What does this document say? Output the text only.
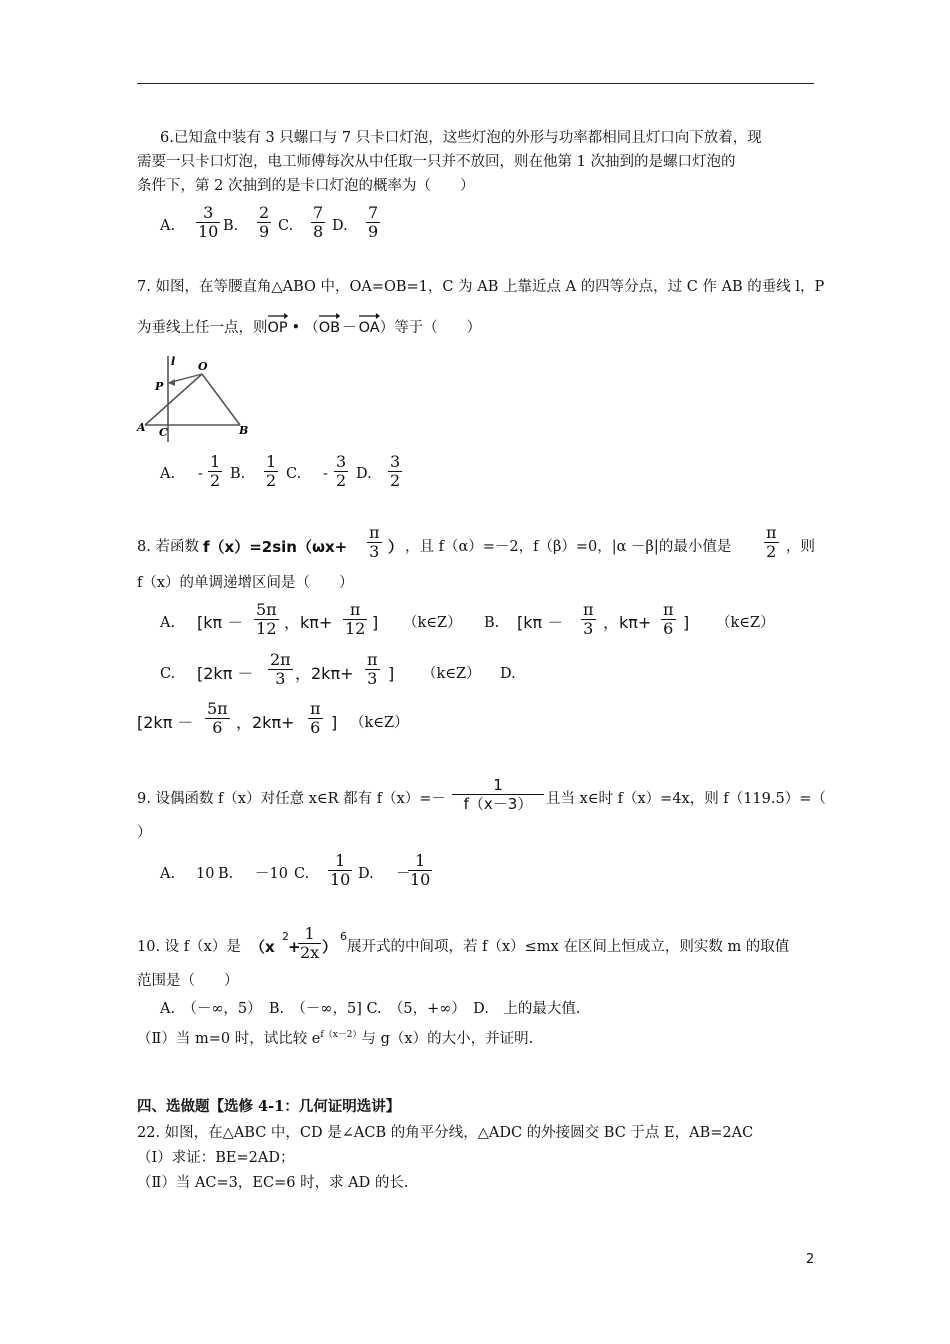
6.已知盒中装有 3 只螺口与 7 只卡口灯泡，这些灯泡的外形与功率都相同且灯口向下放着，现
需要一只卡口灯泡，电工师傅每次从中任取一只并不放回，则在他第 1 次抽到的是螺口灯泡的
条件下，第 2 次抽到的是卡口灯泡的概率为（　　）
A.
3
10 B.
2
9 C.
7
8 D.
7
9
7. 如图，在等腰直角△ABO 中，OA=OB=1，C 为 AB 上靠近点 A 的四等分点，过 C 作 AB 的垂线 l，P
为垂线上任一点，则
OP • （
OB － OA）等于（　　）
l O
P
A C	B
A. -
1
2 B.
1
2 C. -
3
2 D.
3
2
8. 若函数 f（x）=2sin（ωx+
π
3 ） ，且 f（α）=－2，f（β）=0，|α －β|的最小值是
π
2 ，则
f（x）的单调递增区间是（　　）
A. [kπ －
5π
12 ，kπ+
π
12 ] （k∈Z） B. [kπ －
π
3 ，kπ+
π
6 ] （k∈Z）
C. [2kπ －
2π
3 ，2kπ+
π
3 ] （k∈Z） D.
[2kπ －
5π
6 ，2kπ+
π
6 ] （k∈Z）
9. 设偶函数 f（x）对任意 x∈R 都有 f（x）=－
1
f（x－3） 且当 x∈时 f（x）=4x，则 f（119.5）=（
）
A. 10 B. －10 C.
1
10 D. －
1
10
10. 设 f（x）是 （x
2
+
1
2x ）
6
展开式的中间项，若 f（x）≤mx 在区间上恒成立，则实数 m 的取值
范围是（　　）
A.　（－∞，5）　B.　（－∞，5] C.　（5，+∞）　D.　上的最大值.
（Ⅱ）当 m=0 时，试比较 $e^{f(x-2)}$与 g（x）的大小，并证明.
四、选做题【选修 4-1：几何证明选讲】
22. 如图，在△ABC 中，CD 是∠ACB 的角平分线，△ADC 的外接圆交 BC 于点 E，AB=2AC
（Ⅰ）求证：BE=2AD；
（Ⅱ）当 AC=3，EC=6 时，求 AD 的长.
2
